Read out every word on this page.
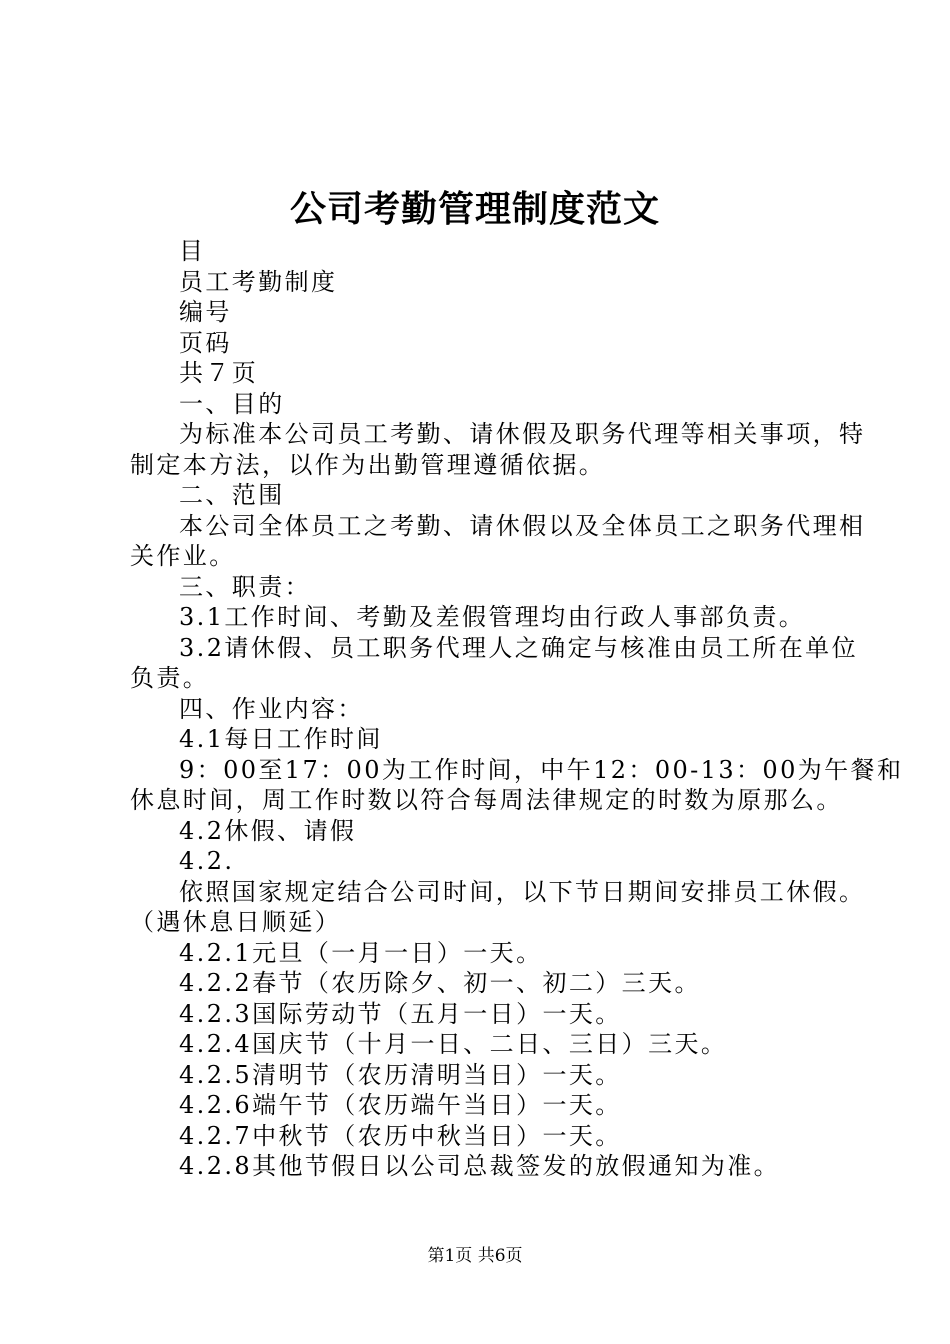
公司考勤管理制度范文
目
员工考勤制度
编号
页码
共７页
一、目的
为标准本公司员工考勤、请休假及职务代理等相关事项，特
制定本方法，以作为出勤管理遵循依据。
二、范围
本公司全体员工之考勤、请休假以及全体员工之职务代理相
关作业。
三、职责：
3.1工作时间、考勤及差假管理均由行政人事部负责。
3.2请休假、员工职务代理人之确定与核准由员工所在单位
负责。
四、作业内容：
4.1每日工作时间
9：00至17：00为工作时间，中午12：00-13：00为午餐和
休息时间，周工作时数以符合每周法律规定的时数为原那么。
4.2休假、请假
4.2.
依照国家规定结合公司时间，以下节日期间安排员工休假。
（遇休息日顺延）
4.2.1元旦（一月一日）一天。
4.2.2春节（农历除夕、初一、初二）三天。
4.2.3国际劳动节（五月一日）一天。
4.2.4国庆节（十月一日、二日、三日）三天。
4.2.5清明节（农历清明当日）一天。
4.2.6端午节（农历端午当日）一天。
4.2.7中秋节（农历中秋当日）一天。
4.2.8其他节假日以公司总裁签发的放假通知为准。
第1页 共6页
